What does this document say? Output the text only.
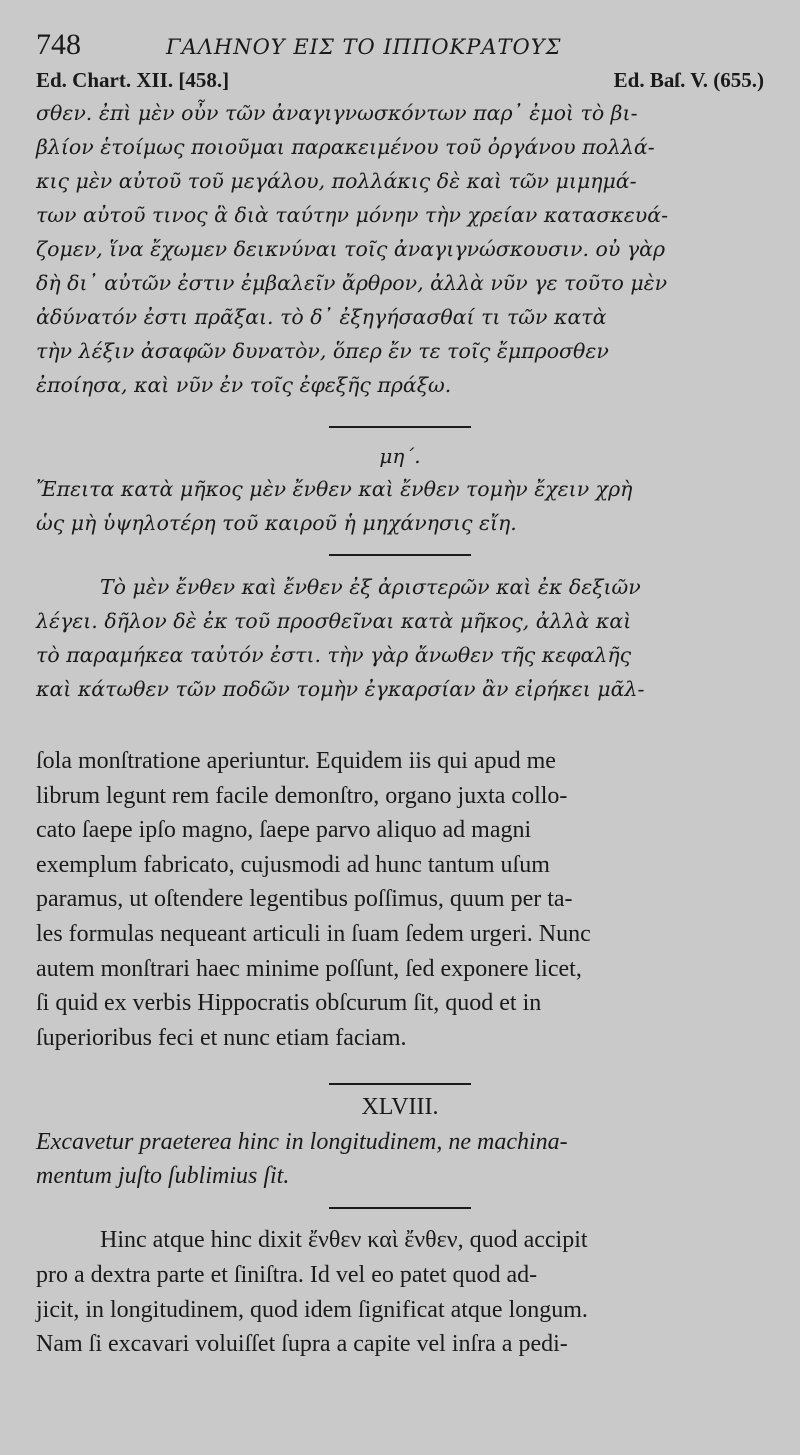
748	ΓΑΛΗΝΟΥ ΕΙΣ ΤΟ ΙΠΠΟΚΡΑΤΟΥΣ
Ed. Chart. XII. [458.]	Ed. Baſ. V. (655.)

σθεν. ἐπὶ μὲν οὖν τῶν ἀναγιγνωσκόντων παρ᾽ ἐμοὶ τὸ βι-

βλίον ἑτοίμως ποιοῦμαι παρακειμένου τοῦ ὀργάνου πολλά-

κις μὲν αὐτοῦ τοῦ μεγάλου, πολλάκις δὲ καὶ τῶν μιμημά-

των αὐτοῦ τινος ἃ διὰ ταύτην μόνην τὴν χρείαν κατασκευά-

ζομεν, ἵνα ἔχωμεν δεικνύναι τοῖς ἀναγιγνώσκουσιν. οὐ γὰρ

δὴ δι᾽ αὐτῶν ἐστιν ἐμβαλεῖν ἄρθρον, ἀλλὰ νῦν γε τοῦτο μὲν

ἀδύνατόν ἐστι πρᾶξαι. τὸ δ᾽ ἐξηγήσασθαί τι τῶν κατὰ

τὴν λέξιν ἀσαφῶν δυνατὸν, ὅπερ ἔν τε τοῖς ἔμπροσθεν

ἐποίησα, καὶ νῦν ἐν τοῖς ἐφεξῆς πράξω.

μη΄.

Ἔπειτα κατὰ μῆκος μὲν ἔνθεν καὶ ἔνθεν τομὴν ἔχειν χρὴ

ὡς μὴ ὑψηλοτέρη τοῦ καιροῦ ἡ μηχάνησις εἴη.

Τὸ μὲν ἔνθεν καὶ ἔνθεν ἐξ ἀριστερῶν καὶ ἐκ δεξιῶν

λέγει. δῆλον δὲ ἐκ τοῦ προσθεῖναι κατὰ μῆκος, ἀλλὰ καὶ

τὸ παραμήκεα ταὐτόν ἐστι. τὴν γὰρ ἄνωθεν τῆς κεφαλῆς

καὶ κάτωθεν τῶν ποδῶν τομὴν ἐγκαρσίαν ἂν εἰρήκει μᾶλ-

ſola monſtratione aperiuntur. Equidem iis qui apud me

librum legunt rem facile demonſtro, organo juxta collo-

cato ſaepe ipſo magno, ſaepe parvo aliquo ad magni

exemplum fabricato, cujusmodi ad hunc tantum uſum

paramus, ut oſtendere legentibus poſſimus, quum per ta-

les formulas nequeant articuli in ſuam ſedem urgeri. Nunc

autem monſtrari haec minime poſſunt, ſed exponere licet,

ſi quid ex verbis Hippocratis obſcurum ſit, quod et in

ſuperioribus feci et nunc etiam faciam.

XLVIII.

Excavetur praeterea hinc in longitudinem, ne machina-

mentum juſto ſublimius ſit.

Hinc atque hinc dixit ἔνθεν καὶ ἔνθεν, quod accipit

pro a dextra parte et ſiniſtra. Id vel eo patet quod ad-

jicit, in longitudinem, quod idem ſignificat atque longum.

Nam ſi excavari voluiſſet ſupra a capite vel inſra a pedi-
